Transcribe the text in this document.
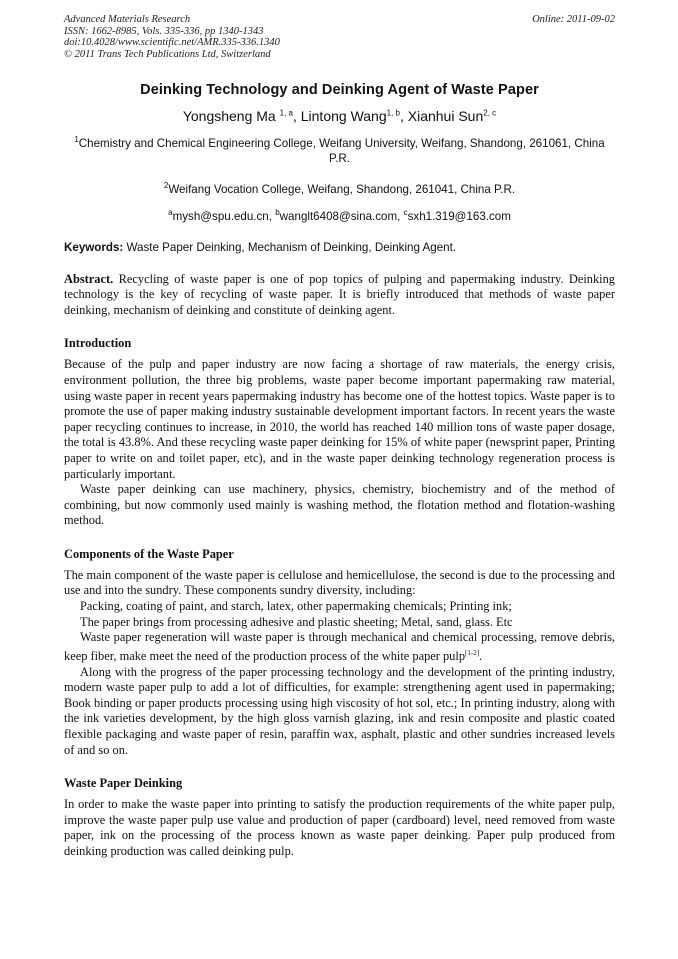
Advanced Materials Research
ISSN: 1662-8985, Vols. 335-336, pp 1340-1343
doi:10.4028/www.scientific.net/AMR.335-336.1340
© 2011 Trans Tech Publications Ltd, Switzerland
Online: 2011-09-02
Deinking Technology and Deinking Agent of Waste Paper
Yongsheng Ma $^{1, a}$, Lintong Wang$^{1, b}$, Xianhui Sun$^{2, c}$
$^1$Chemistry and Chemical Engineering College, Weifang University, Weifang, Shandong, 261061, China P.R.
$^2$Weifang Vocation College, Weifang, Shandong, 261041, China P.R.
$^a$mysh@spu.edu.cn, $^b$wanglt6408@sina.com, $^c$sxh1.319@163.com
Keywords: Waste Paper Deinking, Mechanism of Deinking, Deinking Agent.

Abstract. Recycling of waste paper is one of pop topics of pulping and papermaking industry. Deinking technology is the key of recycling of waste paper. It is briefly introduced that methods of waste paper deinking, mechanism of deinking and constitute of deinking agent.

Introduction

Because of the pulp and paper industry are now facing a shortage of raw materials, the energy crisis, environment pollution, the three big problems, waste paper become important papermaking raw material, using waste paper in recent years papermaking industry has become one of the hottest topics. Waste paper is to promote the use of paper making industry sustainable development important factors. In recent years the waste paper recycling continues to increase, in 2010, the world has reached 140 million tons of waste paper dosage, the total is 43.8%. And these recycling waste paper deinking for 15% of white paper (newsprint paper, Printing paper to write on and toilet paper, etc), and in the waste paper deinking technology regeneration process is particularly important.

Waste paper deinking can use machinery, physics, chemistry, biochemistry and of the method of combining, but now commonly used mainly is washing method, the flotation method and flotation-washing method.

Components of the Waste Paper

The main component of the waste paper is cellulose and hemicellulose, the second is due to the processing and use and into the sundry. These components sundry diversity, including:

Packing, coating of paint, and starch, latex, other papermaking chemicals; Printing ink;

The paper brings from processing adhesive and plastic sheeting; Metal, sand, glass. Etc

Waste paper regeneration will waste paper is through mechanical and chemical processing, remove debris, keep fiber, make meet the need of the production process of the white paper pulp[1-2].

Along with the progress of the paper processing technology and the development of the printing industry, modern waste paper pulp to add a lot of difficulties, for example: strengthening agent used in papermaking; Book binding or paper products processing using high viscosity of hot sol, etc.; In printing industry, along with the ink varieties development, by the high gloss varnish glazing, ink and resin composite and plastic coated flexible packaging and waste paper of resin, paraffin wax, asphalt, plastic and other sundries increased levels of and so on.

Waste Paper Deinking

In order to make the waste paper into printing to satisfy the production requirements of the white paper pulp, improve the waste paper pulp use value and production of paper (cardboard) level, need removed from waste paper, ink on the processing of the process known as waste paper deinking. Paper pulp produced from deinking production was called deinking pulp.
